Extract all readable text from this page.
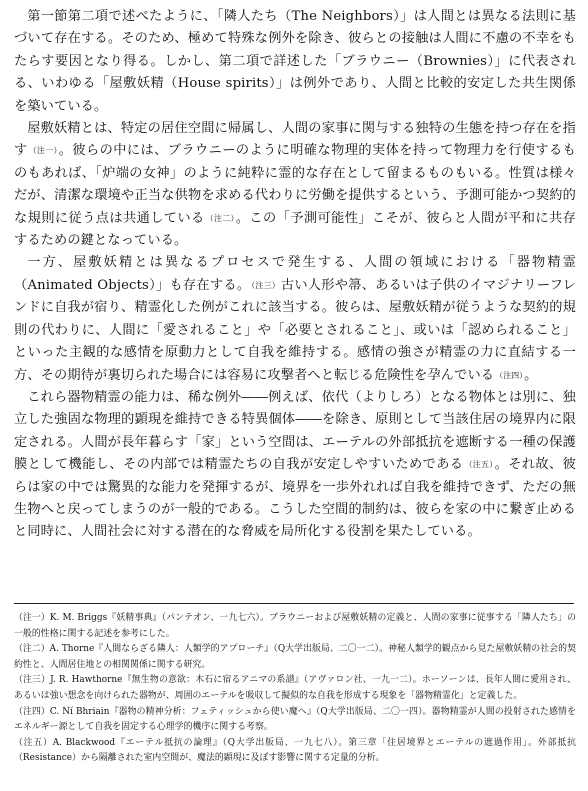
第一節第二項で述べたように、「隣人たち（The Neighbors）」は人間とは異なる法則に基づいて存在する。そのため、極めて特殊な例外を除き、彼らとの接触は人間に不慮の不幸をもたらす要因となり得る。しかし、第二項で詳述した「ブラウニー（Brownies）」に代表される、いわゆる「屋敷妖精（House spirits）」は例外であり、人間と比較的安定した共生関係を築いている。

屋敷妖精とは、特定の居住空間に帰属し、人間の家事に関与する独特の生態を持つ存在を指す（注一）。彼らの中には、ブラウニーのように明確な物理的実体を持って物理力を行使するものもあれば、「炉端の女神」のように純粋に霊的な存在として留まるものもいる。性質は様々だが、清潔な環境や正当な供物を求める代わりに労働を提供するという、予測可能かつ契約的な規則に従う点は共通している（注二）。この「予測可能性」こそが、彼らと人間が平和に共存するための鍵となっている。

一方、屋敷妖精とは異なるプロセスで発生する、人間の領域における「器物精霊（Animated Objects）」も存在する。（注三）古い人形や箒、あるいは子供のイマジナリーフレンドに自我が宿り、精霊化した例がこれに該当する。彼らは、屋敷妖精が従うような契約的規則の代わりに、人間に「愛されること」や「必要とされること」、或いは「認められること」といった主観的な感情を原動力として自我を維持する。感情の強さが精霊の力に直結する一方、その期待が裏切られた場合には容易に攻撃者へと転じる危険性を孕んでいる（注四）。

これら器物精霊の能力は、稀な例外――例えば、依代（よりしろ）となる物体とは別に、独立した強固な物理的顕現を維持できる特異個体――を除き、原則として当該住居の境界内に限定される。人間が長年暮らす「家」という空間は、エーテルの外部抵抗を遮断する一種の保護膜として機能し、その内部では精霊たちの自我が安定しやすいためである（注五）。それ故、彼らは家の中では驚異的な能力を発揮するが、境界を一歩外れれば自我を維持できず、ただの無生物へと戻ってしまうのが一般的である。こうした空間的制約は、彼らを家の中に繋ぎ止めると同時に、人間社会に対する潜在的な脅威を局所化する役割を果たしている。

（注一）K. M. Briggs『妖精事典』（パンテオン、一九七六）。ブラウニーおよび屋敷妖精の定義と、人間の家事に従事する「隣人たち」の一般的性格に関する記述を参考にした。

（注二）A. Thorne『人間ならざる隣人：人類学的アプローチ』（Q大学出版局、二〇一二）。神秘人類学的観点から見た屋敷妖精の社会的契約性と、人間居住地との相関関係に関する研究。

（注三）J. R. Hawthorne『無生物の意欲：木石に宿るアニマの系譜』（アヴァロン社、一九一二）。ホーソーンは、長年人間に愛用され、あるいは強い想念を向けられた器物が、周囲のエーテルを吸収して擬似的な自我を形成する現象を「器物精霊化」と定義した。

（注四）C. Ní Bhriain『器物の精神分析：フェティッシュから使い魔へ』（Q大学出版局、二〇一四）。器物精霊が人間の投射された感情をエネルギー源として自我を固定する心理学的機序に関する考察。

（注五）A. Blackwood『エーテル抵抗の論理』（Q大学出版局、一九七八）。第三章「住居境界とエーテルの遮過作用」。外部抵抗（Resistance）から隔離された室内空間が、魔法的顕現に及ぼす影響に関する定量的分析。
